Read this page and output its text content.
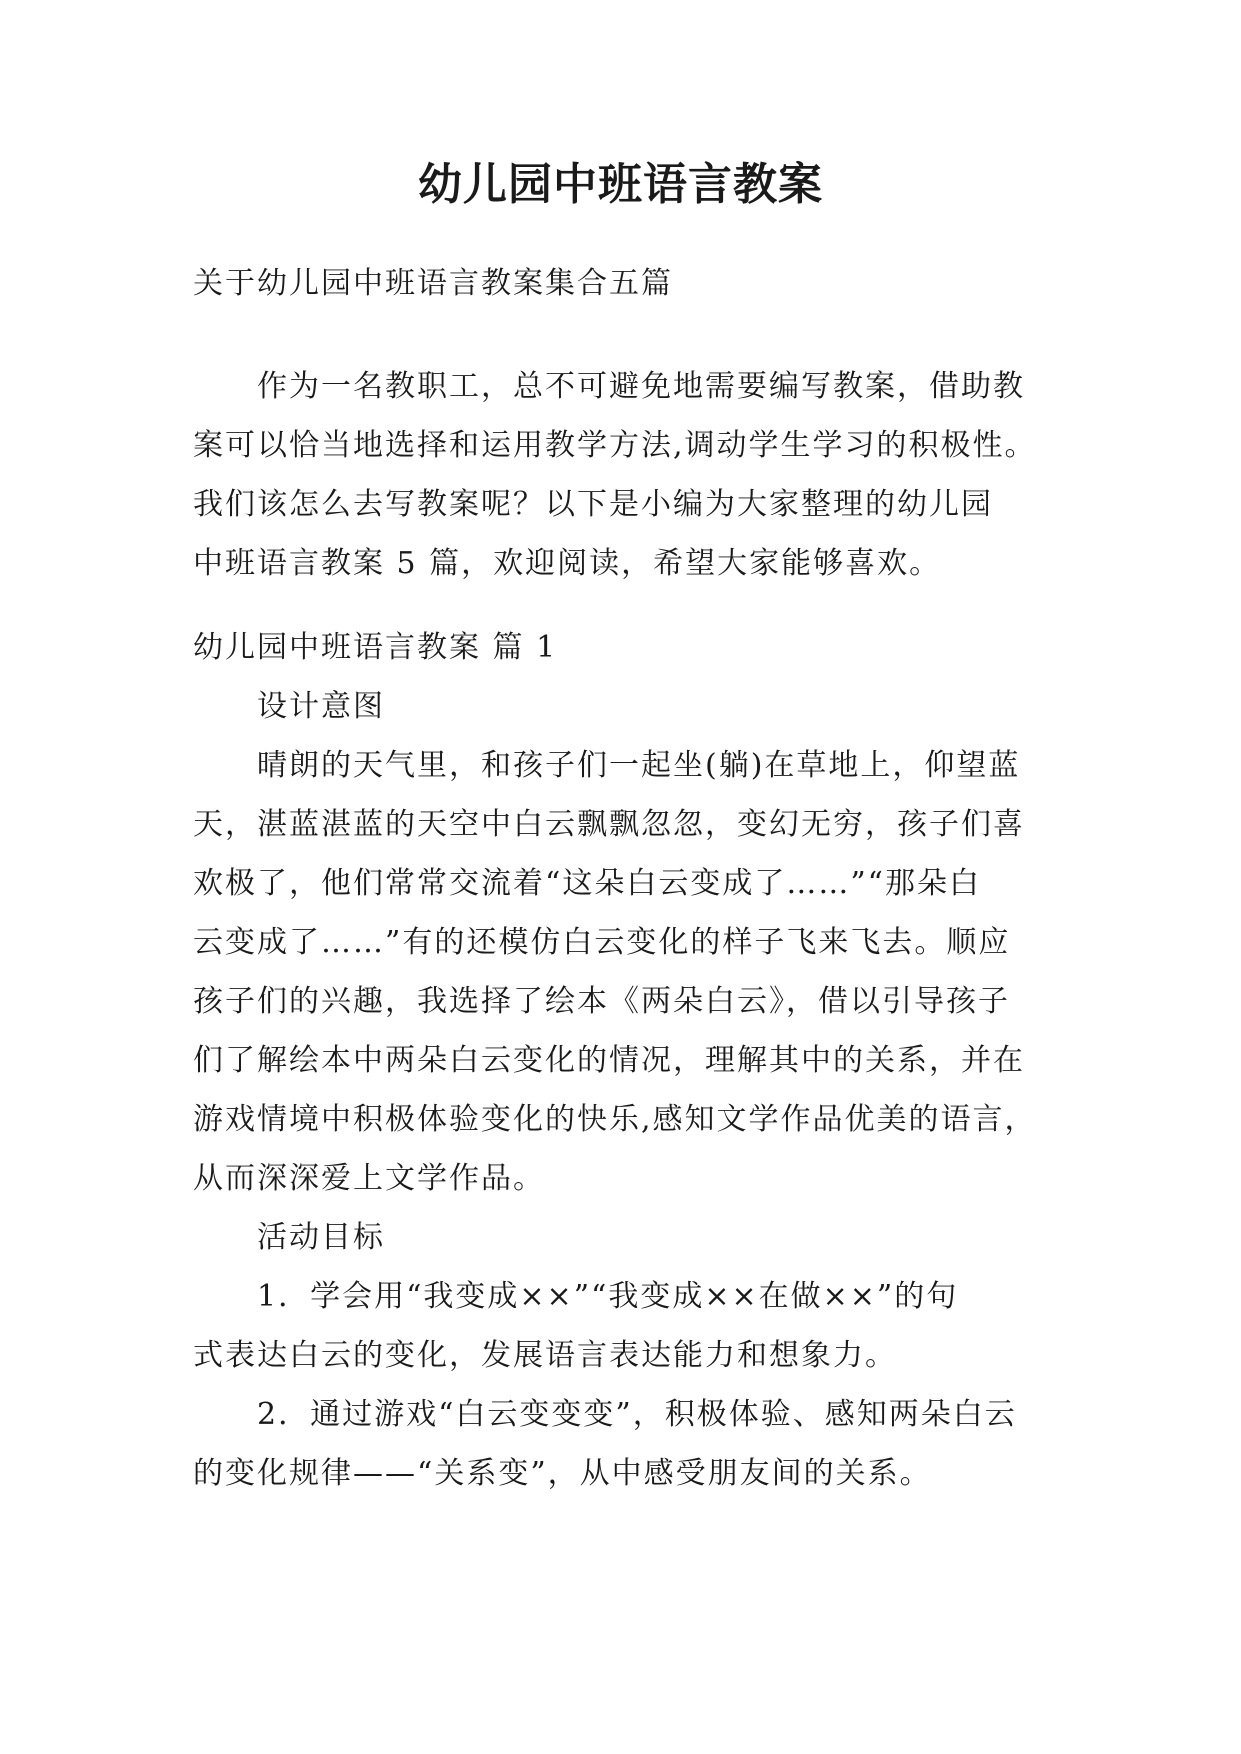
幼儿园中班语言教案
关于幼儿园中班语言教案集合五篇
　　作为一名教职工，总不可避免地需要编写教案，借助教
案可以恰当地选择和运用教学方法,调动学生学习的积极性。
我们该怎么去写教案呢？以下是小编为大家整理的幼儿园
中班语言教案 5 篇，欢迎阅读，希望大家能够喜欢。
幼儿园中班语言教案 篇 1
　　设计意图
　　晴朗的天气里，和孩子们一起坐(躺)在草地上，仰望蓝
天，湛蓝湛蓝的天空中白云飘飘忽忽，变幻无穷，孩子们喜
欢极了，他们常常交流着“这朵白云变成了……”“那朵白
云变成了……”有的还模仿白云变化的样子飞来飞去。顺应
孩子们的兴趣，我选择了绘本《两朵白云》，借以引导孩子
们了解绘本中两朵白云变化的情况，理解其中的关系，并在
游戏情境中积极体验变化的快乐,感知文学作品优美的语言，
从而深深爱上文学作品。
　　活动目标
　　1．学会用“我变成××”“我变成××在做××”的句
式表达白云的变化，发展语言表达能力和想象力。
　　2．通过游戏“白云变变变”，积极体验、感知两朵白云
的变化规律——“关系变”，从中感受朋友间的关系。
